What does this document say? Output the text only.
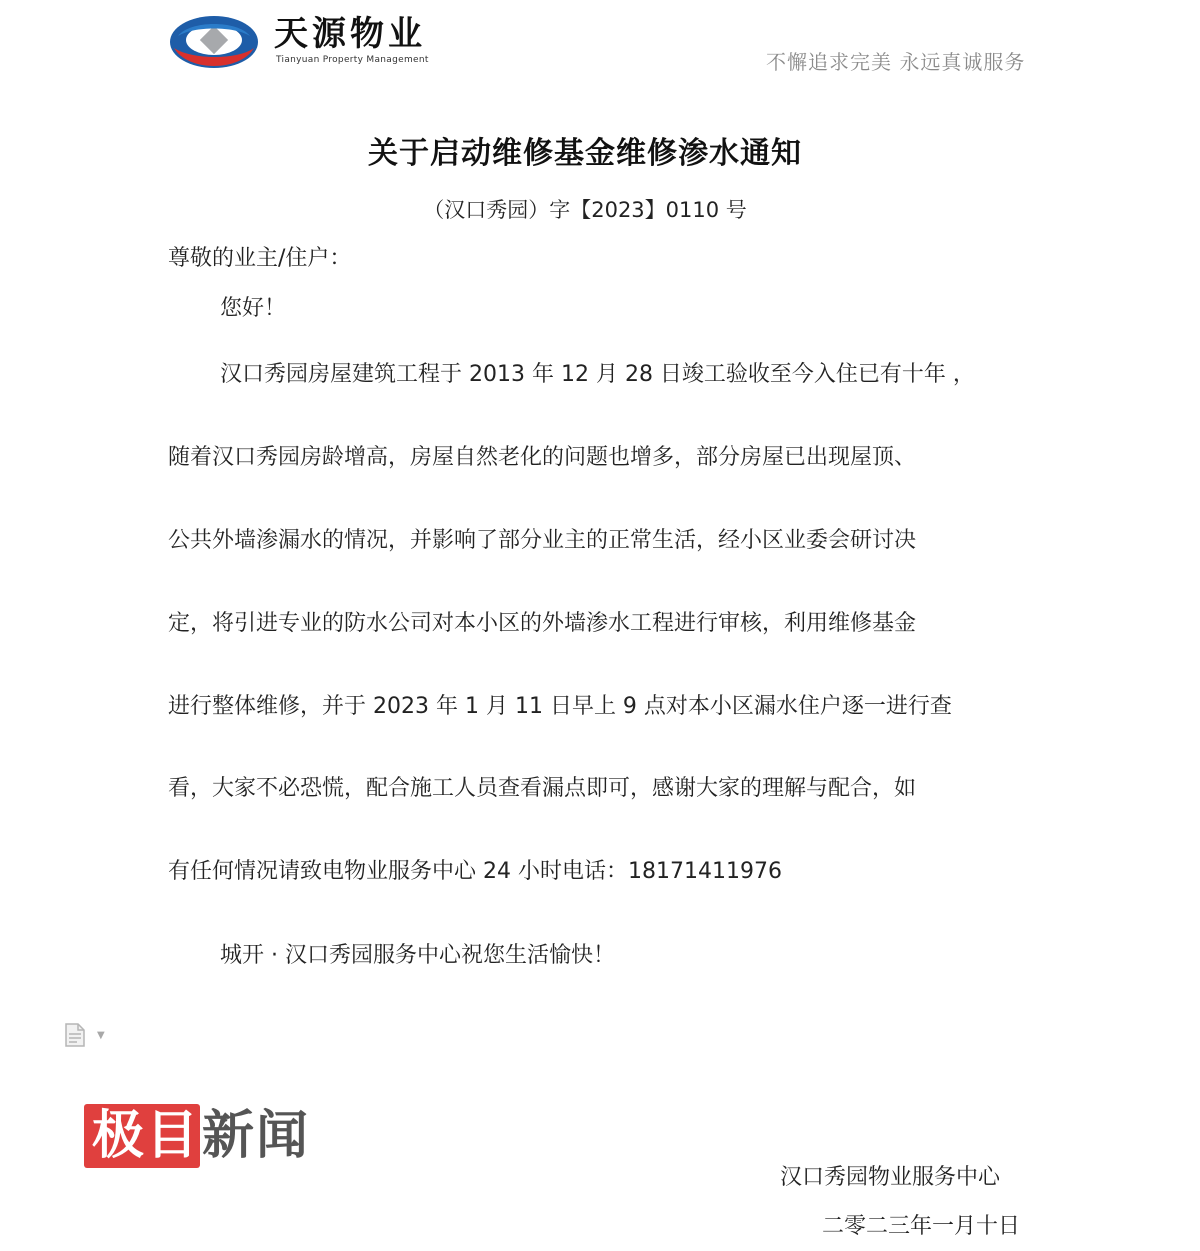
天源物业
Tianyuan Property Management	不懈追求完美 永远真诚服务
关于启动维修基金维修渗水通知
（汉口秀园）字【2023】0110 号
尊敬的业主/住户：
您好！
汉口秀园房屋建筑工程于 2013 年 12 月 28 日竣工验收至今入住已有十年 ，
随着汉口秀园房龄增高，房屋自然老化的问题也增多，部分房屋已出现屋顶、
公共外墙渗漏水的情况，并影响了部分业主的正常生活，经小区业委会研讨决
定，将引进专业的防水公司对本小区的外墙渗水工程进行审核，利用维修基金
进行整体维修，并于 2023 年 1 月 11 日早上 9 点对本小区漏水住户逐一进行查
看，大家不必恐慌，配合施工人员查看漏点即可，感谢大家的理解与配合，如
有任何情况请致电物业服务中心 24 小时电话：18171411976
城开 · 汉口秀园服务中心祝您生活愉快！
▼
极目 新闻
汉口秀园物业服务中心
二零二三年一月十日
